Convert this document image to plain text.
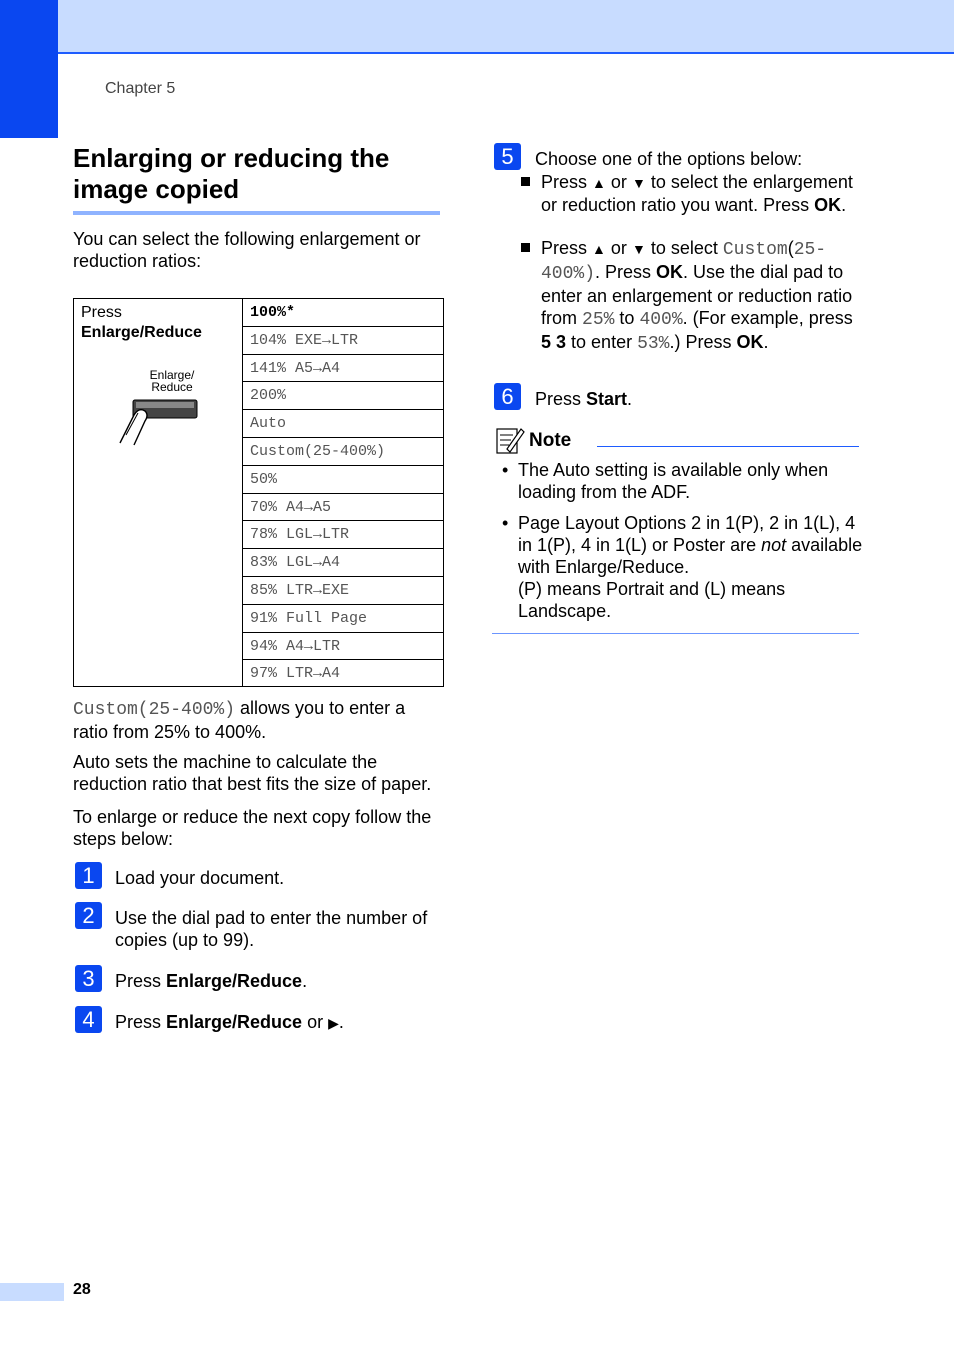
Chapter 5
Enlarging or reducing the image copied

You can select the following enlargement or reduction ratios:

Press
Enlarge/Reduce
Enlarge/
Reduce
100%*
104% EXE→LTR
141% A5→A4
200%
Auto
Custom(25-400%)
50%
70% A4→A5
78% LGL→LTR
83% LGL→A4
85% LTR→EXE
91% Full Page
94% A4→LTR
97% LTR→A4

Custom(25-400%) allows you to enter a ratio from 25% to 400%.

Auto sets the machine to calculate the reduction ratio that best fits the size of paper.

To enlarge or reduce the next copy follow the steps below:

1	Load your document.
2	Use the dial pad to enter the number of copies (up to 99).
3	Press Enlarge/Reduce.
4	Press Enlarge/Reduce or ▶.
5	Choose one of the options below:
Press ▲ or ▼ to select the enlargement or reduction ratio you want. Press OK.
Press ▲ or ▼ to select Custom(25-400%). Press OK. Use the dial pad to enter an enlargement or reduction ratio from 25% to 400%. (For example, press 5 3 to enter 53%.) Press OK.
6	Press Start.
Note
• The Auto setting is available only when loading from the ADF.
• Page Layout Options 2 in 1(P), 2 in 1(L), 4 in 1(P), 4 in 1(L) or Poster are not available with Enlarge/Reduce.
(P) means Portrait and (L) means Landscape.
28
